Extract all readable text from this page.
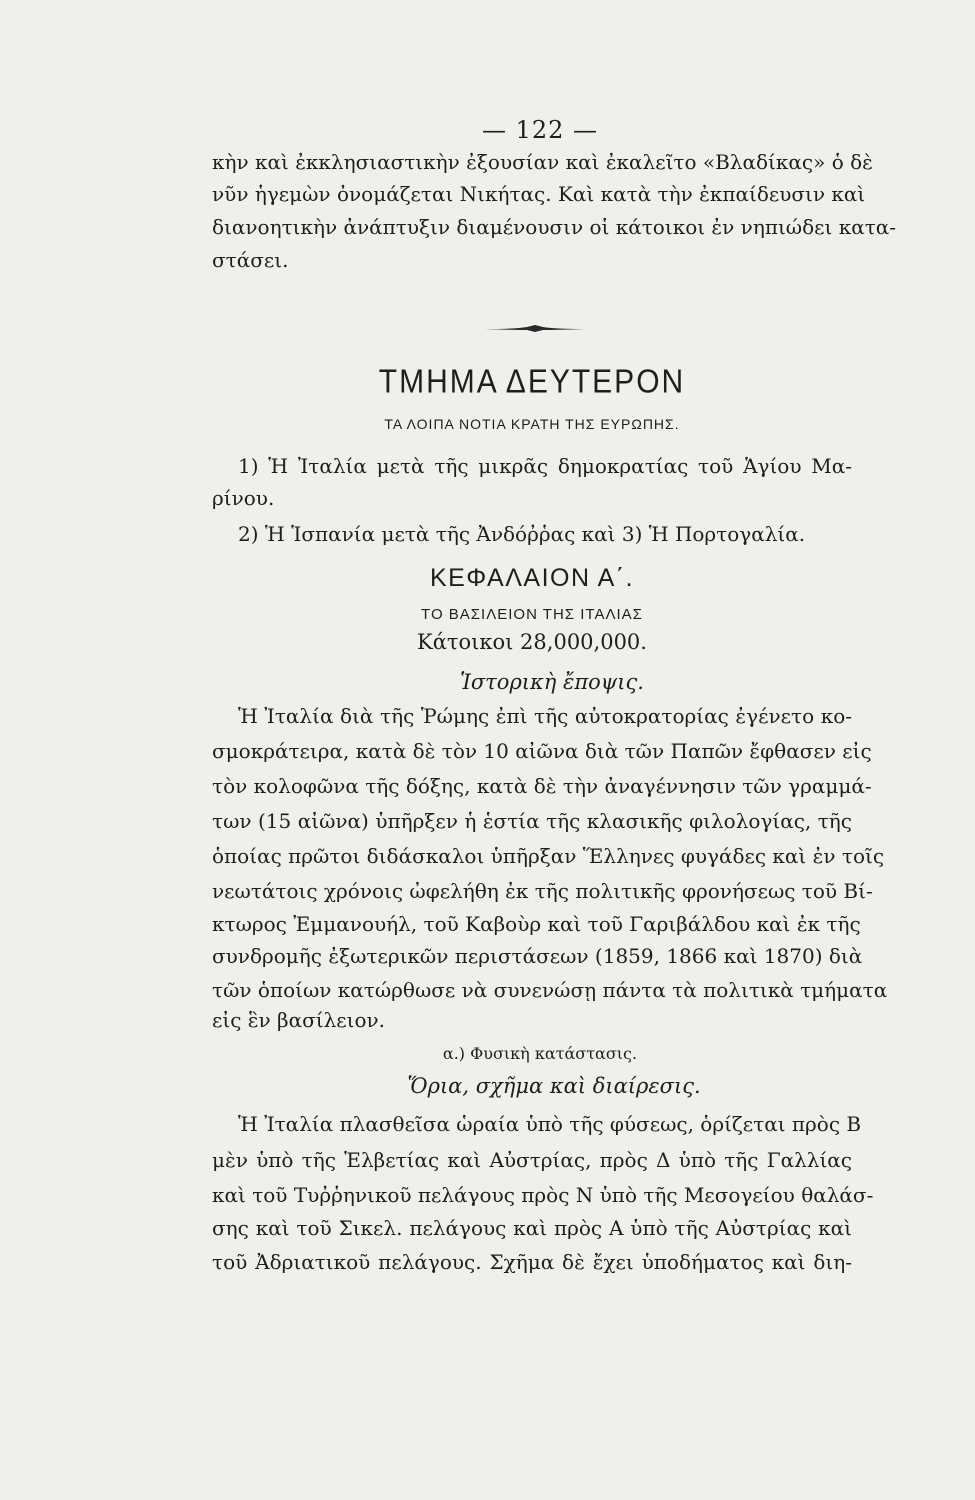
— 122 —
κὴν καὶ ἐκκλησιαστικὴν ἐξουσίαν καὶ ἐκαλεῖτο «Βλαδίκας» ὁ δὲ
νῦν ἡγεμὼν ὀνομάζεται Νικήτας. Καὶ κατὰ τὴν ἐκπαίδευσιν καὶ
διανοητικὴν ἀνάπτυξιν διαμένουσιν οἱ κάτοικοι ἐν νηπιώδει κατα-
στάσει.
ΤΜΗΜΑ ΔΕΥΤΕΡΟΝ
ΤΑ ΛΟΙΠΑ ΝΟΤΙΑ ΚΡΑΤΗ ΤΗΣ ΕΥΡΩΠΗΣ.
1) Ἡ Ἰταλία μετὰ τῆς μικρᾶς δημοκρατίας τοῦ Ἁγίου Μα-
ρίνου.
2) Ἡ Ἱσπανία μετὰ τῆς Ἀνδόῤῥας καὶ 3) Ἡ Πορτογαλία.
ΚΕΦΑΛΑΙΟΝ Α΄.
ΤΟ ΒΑΣΙΛΕΙΟΝ ΤΗΣ ΙΤΑΛΙΑΣ
Κάτοικοι 28,000,000.
Ἱστορικὴ ἔποψις.
Ἡ Ἰταλία διὰ τῆς Ῥώμης ἐπὶ τῆς αὐτοκρατορίας ἐγένετο κο-
σμοκράτειρα, κατὰ δὲ τὸν 10 αἰῶνα διὰ τῶν Παπῶν ἔφθασεν εἰς
τὸν κολοφῶνα τῆς δόξης, κατὰ δὲ τὴν ἀναγέννησιν τῶν γραμμά-
των (15 αἰῶνα) ὑπῆρξεν ἡ ἑστία τῆς κλασικῆς φιλολογίας, τῆς
ὁποίας πρῶτοι διδάσκαλοι ὑπῆρξαν Ἕλληνες φυγάδες καὶ ἐν τοῖς
νεωτάτοις χρόνοις ὠφελήθη ἐκ τῆς πολιτικῆς φρονήσεως τοῦ Βί-
κτωρος Ἐμμανουήλ, τοῦ Καβοὺρ καὶ τοῦ Γαριβάλδου καὶ ἐκ τῆς
συνδρομῆς ἐξωτερικῶν περιστάσεων (1859, 1866 καὶ 1870) διὰ
τῶν ὁποίων κατώρθωσε νὰ συνενώσῃ πάντα τὰ πολιτικὰ τμήματα
εἰς ἓν βασίλειον.
α.) Φυσικὴ κατάστασις.
Ὅρια, σχῆμα καὶ διαίρεσις.
Ἡ Ἰταλία πλασθεῖσα ὡραία ὑπὸ τῆς φύσεως, ὁρίζεται πρὸς Β
μὲν ὑπὸ τῆς Ἑλβετίας καὶ Αὐστρίας, πρὸς Δ ὑπὸ τῆς Γαλλίας
καὶ τοῦ Τυῤῥηνικοῦ πελάγους πρὸς Ν ὑπὸ τῆς Μεσογείου θαλάσ-
σης καὶ τοῦ Σικελ. πελάγους καὶ πρὸς Α ὑπὸ τῆς Αὐστρίας καὶ
τοῦ Ἀδριατικοῦ πελάγους. Σχῆμα δὲ ἔχει ὑποδήματος καὶ διη-
